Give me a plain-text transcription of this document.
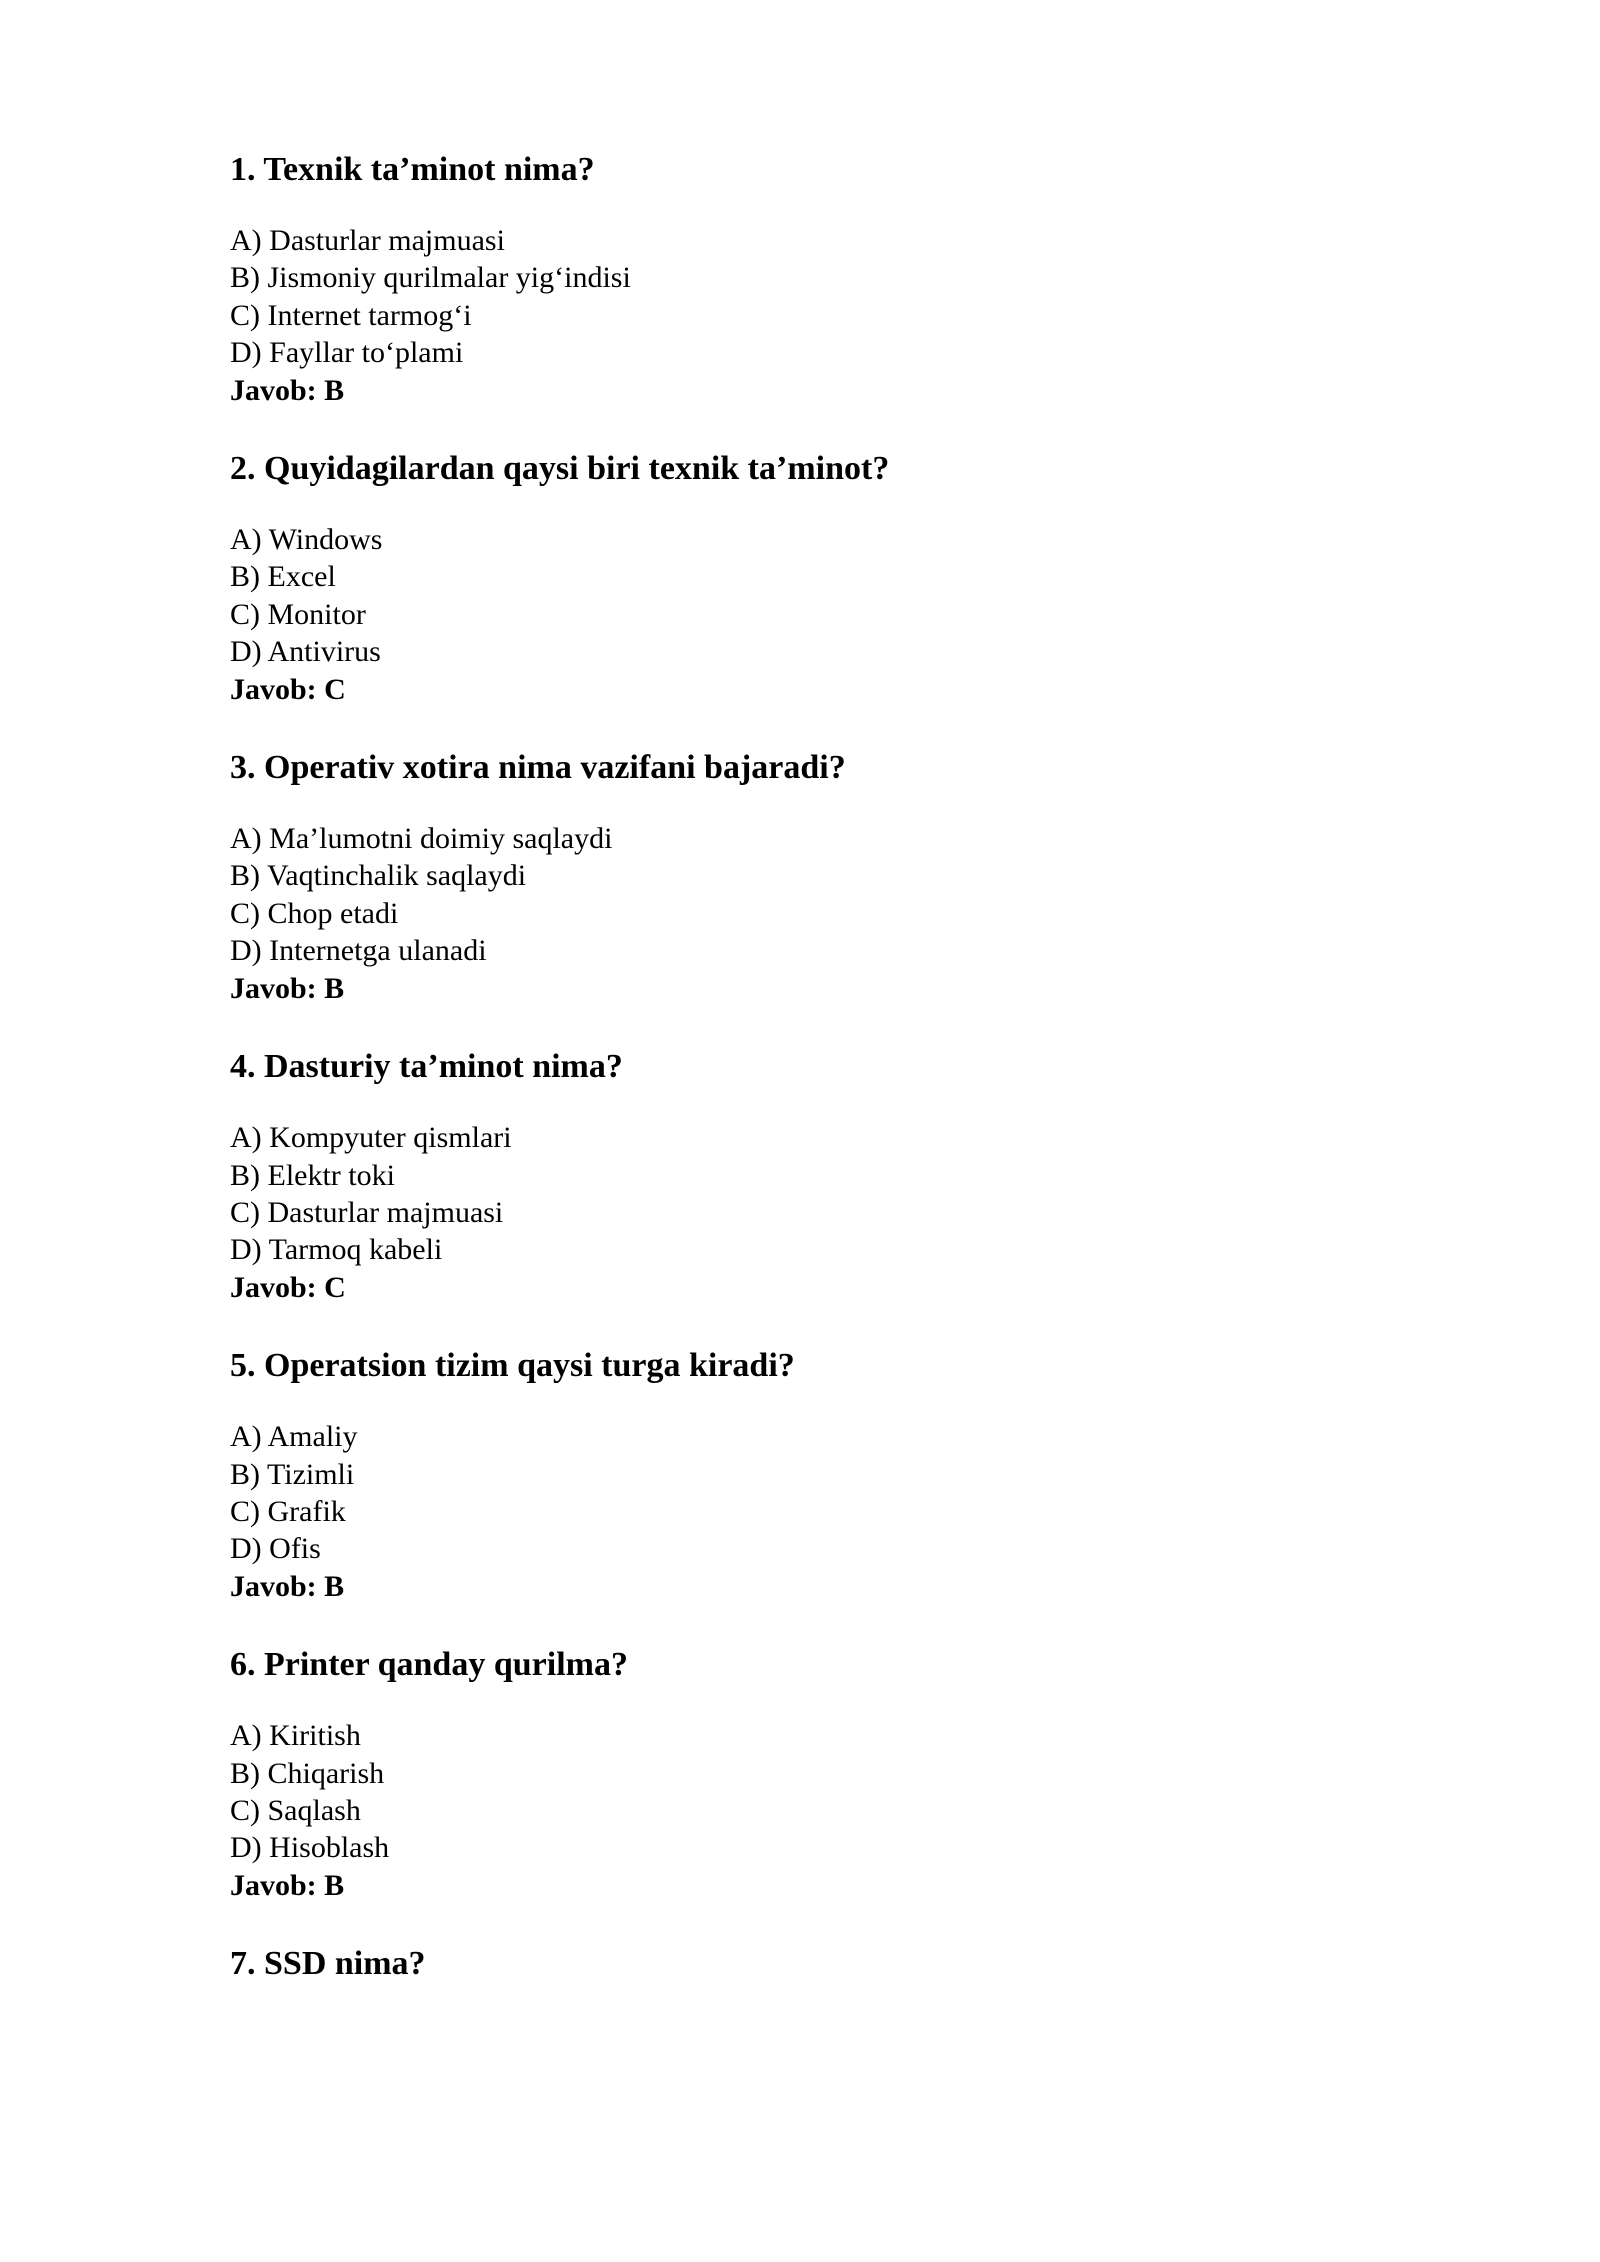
1. Texnik ta’minot nima?
A) Dasturlar majmuasi
B) Jismoniy qurilmalar yig‘indisi
C) Internet tarmog‘i
D) Fayllar to‘plami
Javob: B
2. Quyidagilardan qaysi biri texnik ta’minot?
A) Windows
B) Excel
C) Monitor
D) Antivirus
Javob: C
3. Operativ xotira nima vazifani bajaradi?
A) Ma’lumotni doimiy saqlaydi
B) Vaqtinchalik saqlaydi
C) Chop etadi
D) Internetga ulanadi
Javob: B
4. Dasturiy ta’minot nima?
A) Kompyuter qismlari
B) Elektr toki
C) Dasturlar majmuasi
D) Tarmoq kabeli
Javob: C
5. Operatsion tizim qaysi turga kiradi?
A) Amaliy
B) Tizimli
C) Grafik
D) Ofis
Javob: B
6. Printer qanday qurilma?
A) Kiritish
B) Chiqarish
C) Saqlash
D) Hisoblash
Javob: B
7. SSD nima?
